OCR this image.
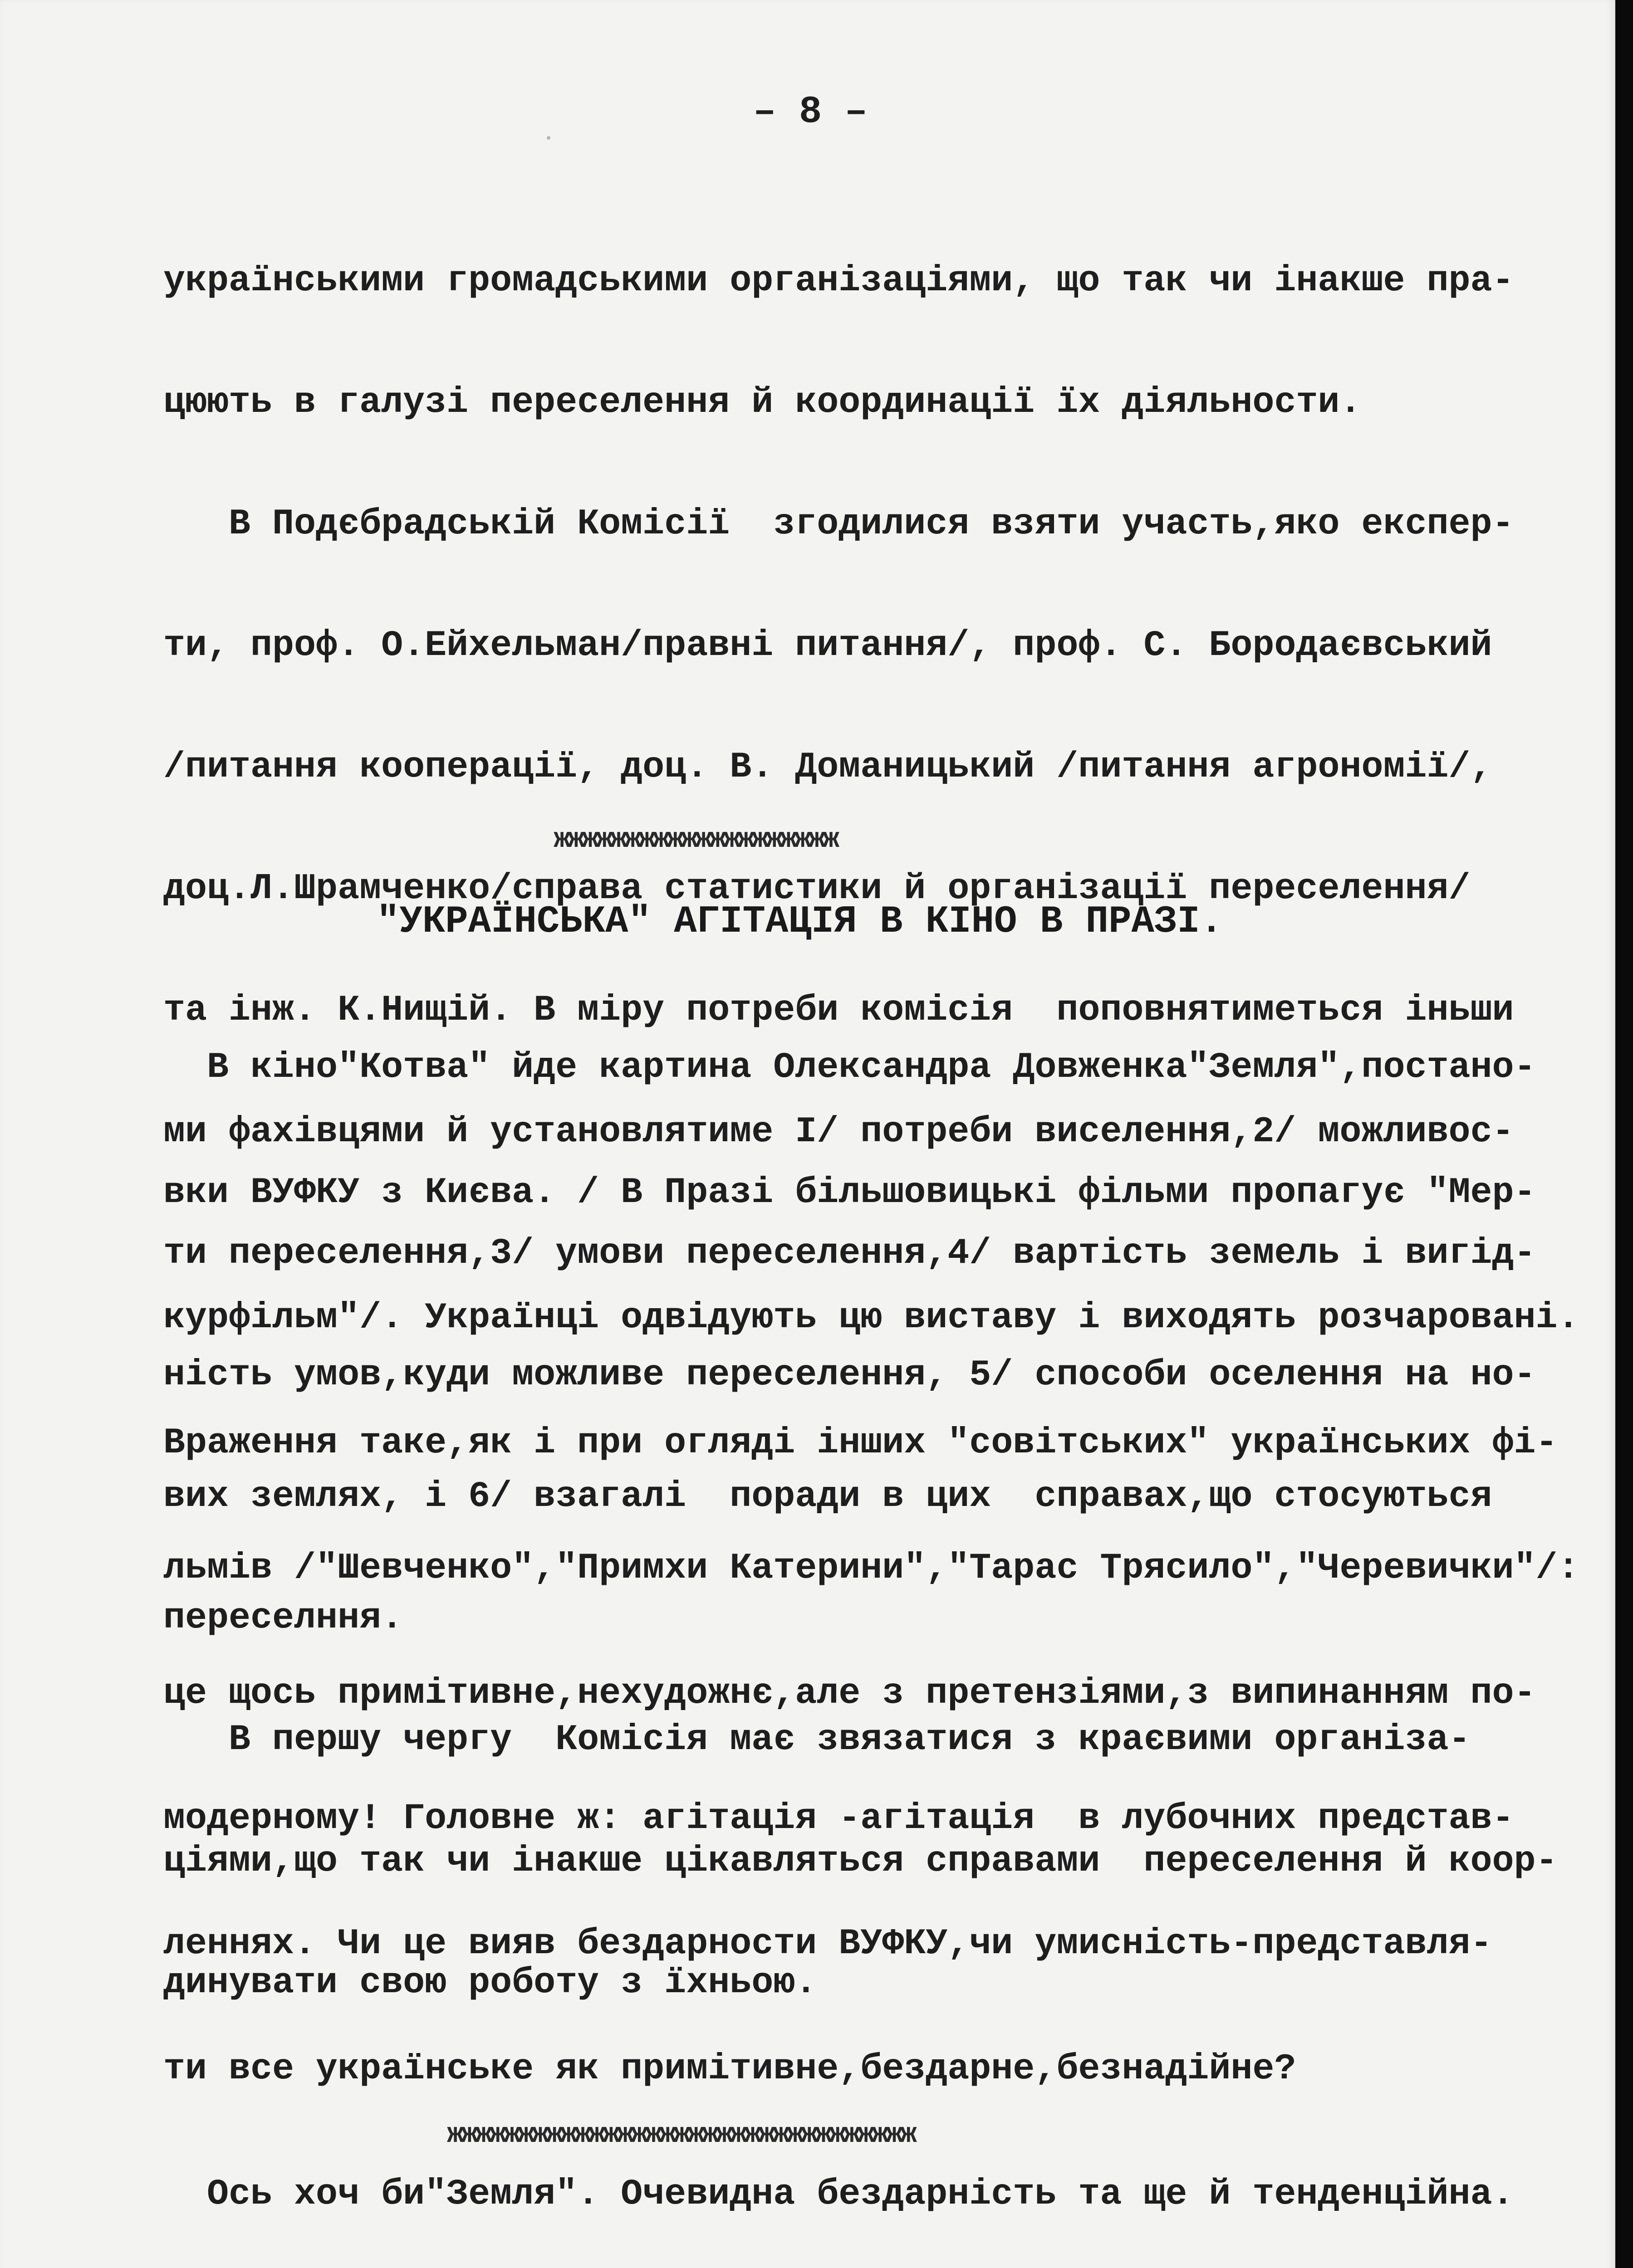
– 8 –

українськими громадськими організаціями, що так чи інакше пра-

цюють в галузі переселення й координації їх діяльности.

В Подєбрадській Комісії  згодилися взяти участь,яко експер-

ти, проф. О.Ейхельман/правні питання/, проф. С. Бородаєвський

/питання кооперації, доц. В. Доманицький /питання агрономії/,

доц.Л.Шрамченко/справа статистики й організації переселення/

та інж. К.Нищій. В міру потреби комісія  поповнятиметься іньши

ми фахівцями й установлятиме І/ потреби виселення,2/ можливос-

ти переселення,3/ умови переселення,4/ вартість земель і вигід-

ність умов,куди можливе переселення, 5/ способи оселення на но-

вих землях, і 6/ взагалі  поради в цих  справах,що стосуються

переселння.

В першу чергу  Комісія має звязатися з краєвими організа-

ціями,що так чи інакше цікавляться справами  переселення й коор-

динувати свою роботу з їхньою.

жжжжжжжжжжжжжжжжжжжж
"УКРАЇНСЬКА" АГІТАЦІЯ В КІНО В ПРАЗІ.

В кіно"Котва" йде картина Олександра Довженка"Земля",постано-

вки ВУФКУ з Києва. / В Празі більшовицькі фільми пропагує "Мер-

курфільм"/. Українці одвідують цю виставу і виходять розчаровані.

Враження таке,як і при огляді інших "совітських" українських фі-

льмів /"Шевченко","Примхи Катерини","Тарас Трясило","Черевички"/:

це щось примітивне,нехудожнє,але з претензіями,з випинанням по-

модерному! Головне ж: агітація -агітація  в лубочних представ-

леннях. Чи це вияв бездарности ВУФКУ,чи умисність-представля-

ти все українське як примітивне,бездарне,безнадійне?

Ось хоч би"Земля". Очевидна бездарність та ще й тенденційна.

жжжжжжжжжжжжжжжжжжжжжжжжжжжжжжжжж
